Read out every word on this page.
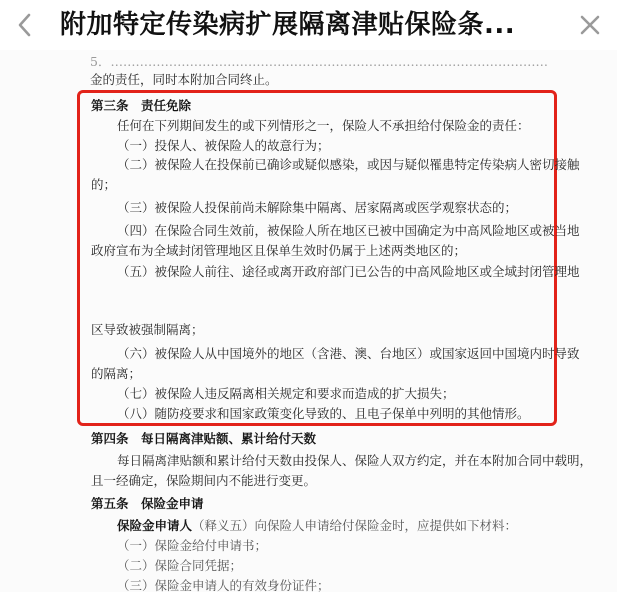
附加特定传染病扩展隔离津贴保险条...
5．……………………………………………………………………………………………
金的责任，同时本附加合同终止。
第三条　责任免除
任何在下列期间发生的或下列情形之一，保险人不承担给付保险金的责任：
（一）投保人、被保险人的故意行为；
（二）被保险人在投保前已确诊或疑似感染，或因与疑似罹患特定传染病人密切接触
的；
（三）被保险人投保前尚未解除集中隔离、居家隔离或医学观察状态的；
（四）在保险合同生效前，被保险人所在地区已被中国确定为中高风险地区或被当地
政府宣布为全域封闭管理地区且保单生效时仍属于上述两类地区的；
（五）被保险人前往、途径或离开政府部门已公告的中高风险地区或全域封闭管理地
区导致被强制隔离；
（六）被保险人从中国境外的地区（含港、澳、台地区）或国家返回中国境内时导致
的隔离；
（七）被保险人违反隔离相关规定和要求而造成的扩大损失；
（八）随防疫要求和国家政策变化导致的、且电子保单中列明的其他情形。
第四条　每日隔离津贴额、累计给付天数
每日隔离津贴额和累计给付天数由投保人、保险人双方约定，并在本附加合同中载明，
且一经确定，保险期间内不能进行变更。
第五条　保险金申请
保险金申请人（释义五）向保险人申请给付保险金时，应提供如下材料：
（一）保险金给付申请书；
（二）保险合同凭据；
（三）保险金申请人的有效身份证件；
